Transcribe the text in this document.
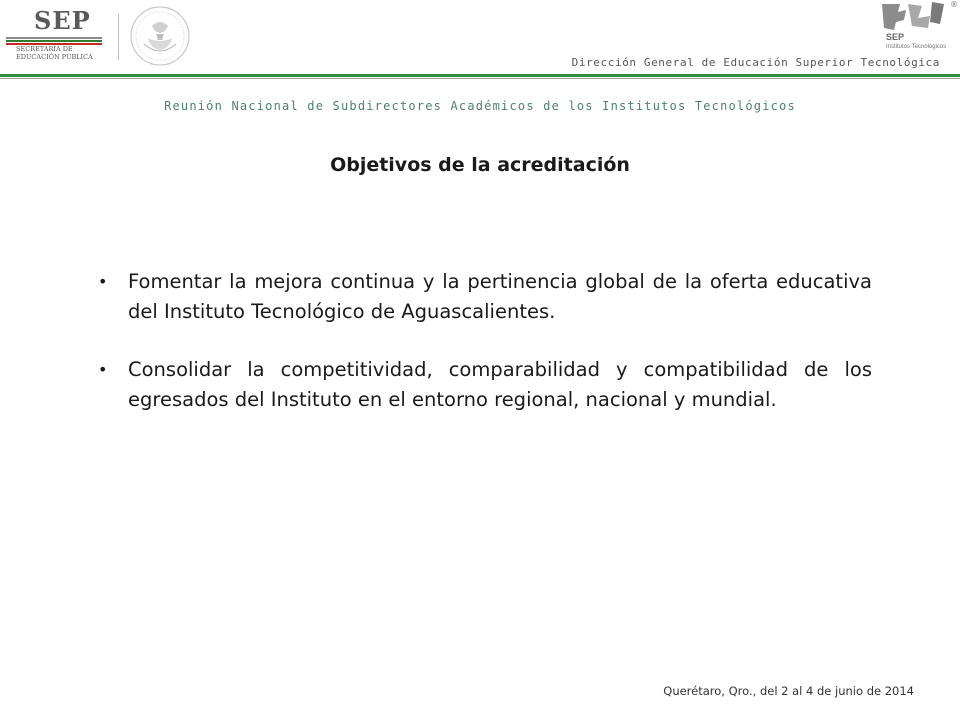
SEP
SECRETARÍA DE
EDUCACIÓN PÚBLICA
SEP
Institutos Tecnológicos
®
Dirección General de Educación Superior Tecnológica
Reunión Nacional de Subdirectores Académicos de los Institutos Tecnológicos
Objetivos de la acreditación
• Fomentar la mejora continua y la pertinencia global de la oferta educativa del Instituto Tecnológico de Aguascalientes.
• Consolidar la competitividad, comparabilidad y compatibilidad de los egresados del Instituto en el entorno regional, nacional y mundial.
Querétaro, Qro., del 2 al 4 de junio de 2014
